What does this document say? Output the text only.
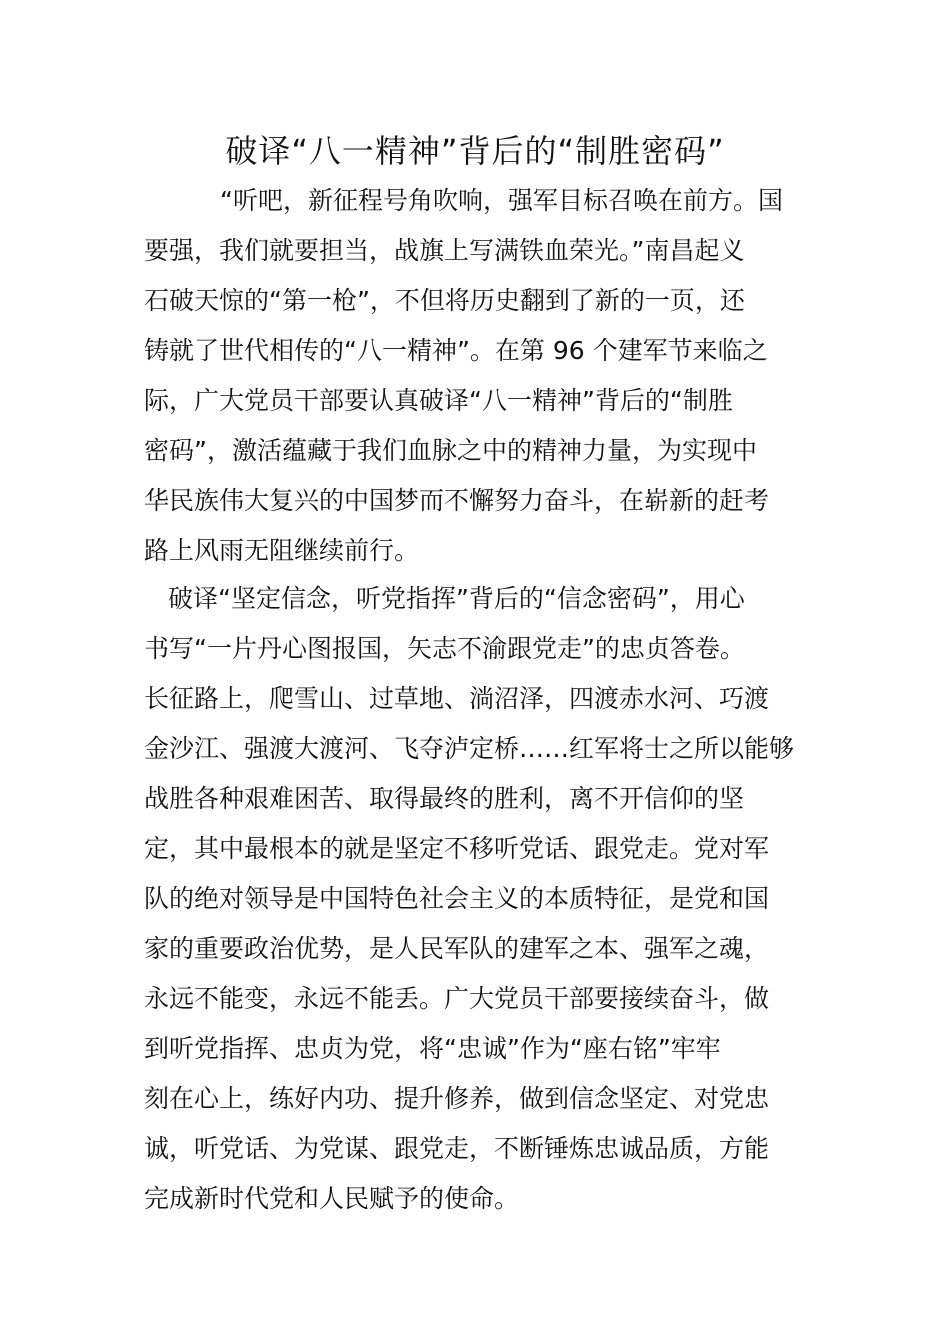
破译“八一精神”背后的“制胜密码”
“听吧，新征程号角吹响，强军目标召唤在前方。国
要强，我们就要担当，战旗上写满铁血荣光。”南昌起义
石破天惊的“第一枪”，不但将历史翻到了新的一页，还
铸就了世代相传的“八一精神”。在第 96 个建军节来临之
际，广大党员干部要认真破译“八一精神”背后的“制胜
密码”，激活蕴藏于我们血脉之中的精神力量，为实现中
华民族伟大复兴的中国梦而不懈努力奋斗，在崭新的赶考
路上风雨无阻继续前行。
破译“坚定信念，听党指挥”背后的“信念密码”，用心
书写“一片丹心图报国，矢志不渝跟党走”的忠贞答卷。
长征路上，爬雪山、过草地、淌沼泽，四渡赤水河、巧渡
金沙江、强渡大渡河、飞夺泸定桥……红军将士之所以能够
战胜各种艰难困苦、取得最终的胜利，离不开信仰的坚
定，其中最根本的就是坚定不移听党话、跟党走。党对军
队的绝对领导是中国特色社会主义的本质特征，是党和国
家的重要政治优势，是人民军队的建军之本、强军之魂，
永远不能变，永远不能丢。广大党员干部要接续奋斗，做
到听党指挥、忠贞为党，将“忠诚”作为“座右铭”牢牢
刻在心上，练好内功、提升修养，做到信念坚定、对党忠
诚，听党话、为党谋、跟党走，不断锤炼忠诚品质，方能
完成新时代党和人民赋予的使命。
